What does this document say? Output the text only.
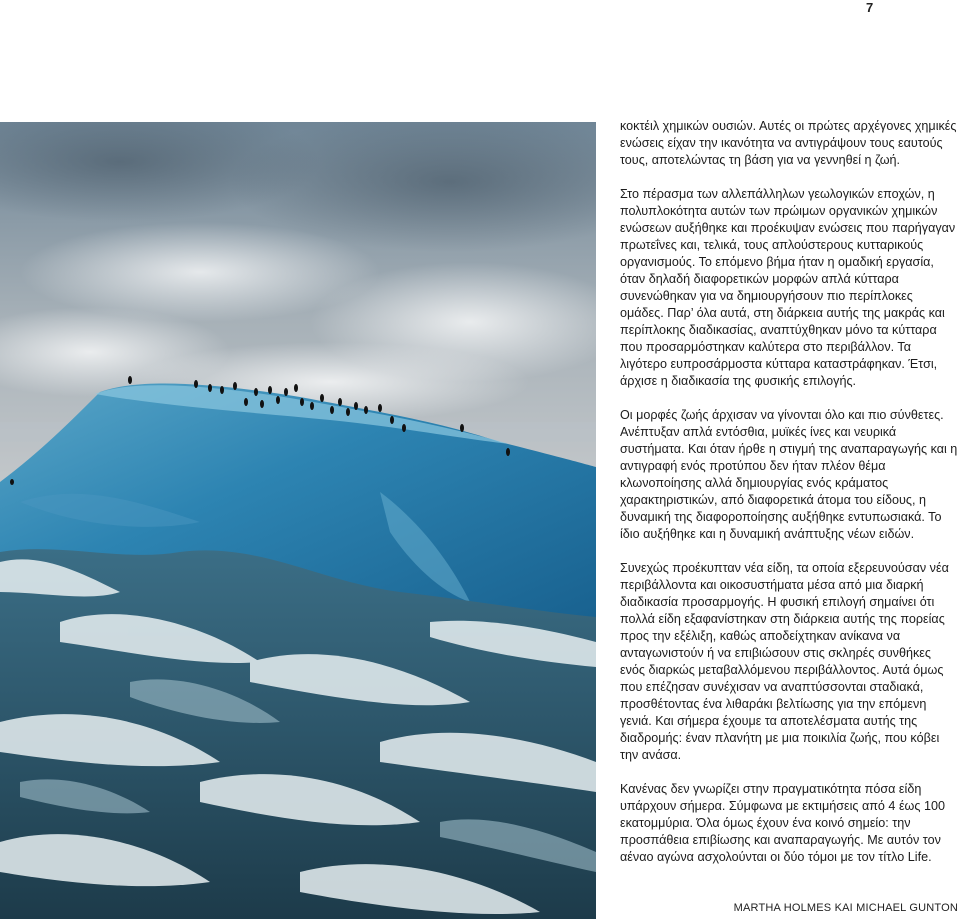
7

κοκτέιλ χημικών ουσιών. Αυτές οι πρώτες αρχέγονες χημικές ενώσεις είχαν την ικανότητα να αντιγράψουν τους εαυτούς τους, αποτελώντας τη βάση για να γεννηθεί η ζωή.

Στο πέρασμα των αλλεπάλληλων γεωλογικών εποχών, η πολυπλοκότητα αυτών των πρώιμων οργανικών χημικών ενώσεων αυξήθηκε και προέκυψαν ενώσεις που παρήγαγαν πρωτεΐνες και, τελικά, τους απλούστερους κυτταρικούς οργανισμούς. Το επόμενο βήμα ήταν η ομαδική εργασία, όταν δηλαδή διαφορετικών μορφών απλά κύτταρα συνενώθηκαν για να δημιουργήσουν πιο περίπλοκες ομάδες. Παρ’ όλα αυτά, στη διάρκεια αυτής της μακράς και περίπλοκης διαδικασίας, αναπτύχθηκαν μόνο τα κύτταρα που προσαρμόστηκαν καλύτερα στο περιβάλλον. Τα λιγότερο ευπροσάρμοστα κύτταρα καταστράφηκαν. Έτσι, άρχισε η διαδικασία της φυσικής επιλογής.

Οι μορφές ζωής άρχισαν να γίνονται όλο και πιο σύνθετες. Ανέπτυξαν απλά εντόσθια, μυϊκές ίνες και νευρικά συστήματα. Και όταν ήρθε η στιγμή της αναπαραγωγής και η αντιγραφή ενός προτύπου δεν ήταν πλέον θέμα κλωνοποίησης αλλά δημιουργίας ενός κράματος χαρακτηριστικών, από διαφορετικά άτομα του είδους, η δυναμική της διαφοροποίησης αυξήθηκε εντυπωσιακά. Το ίδιο αυξήθηκε και η δυναμική ανάπτυξης νέων ειδών.

Συνεχώς προέκυπταν νέα είδη, τα οποία εξερευνούσαν νέα περιβάλλοντα και οικοσυστήματα μέσα από μια διαρκή διαδικασία προσαρμογής. Η φυσική επιλογή σημαίνει ότι πολλά είδη εξαφανίστηκαν στη διάρκεια αυτής της πορείας προς την εξέλιξη, καθώς αποδείχτηκαν ανίκανα να ανταγωνιστούν ή να επιβιώσουν στις σκληρές συνθήκες ενός διαρκώς μεταβαλλόμενου περιβάλλοντος. Αυτά όμως που επέζησαν συνέχισαν να αναπτύσσονται σταδιακά, προσθέτοντας ένα λιθαράκι βελτίωσης για την επόμενη γενιά. Και σήμερα έχουμε τα αποτελέσματα αυτής της διαδρομής: έναν πλανήτη με μια ποικιλία ζωής, που κόβει την ανάσα.

Κανένας δεν γνωρίζει στην πραγματικότητα πόσα είδη υπάρχουν σήμερα. Σύμφωνα με εκτιμήσεις από 4 έως 100 εκατομμύρια. Όλα όμως έχουν ένα κοινό σημείο: την προσπάθεια επιβίωσης και αναπαραγωγής. Με αυτόν τον αέναο αγώνα ασχολούνται οι δύο τόμοι με τον τίτλο Life.

MARTHA HOLMES ΚΑΙ MICHAEL GUNTON
